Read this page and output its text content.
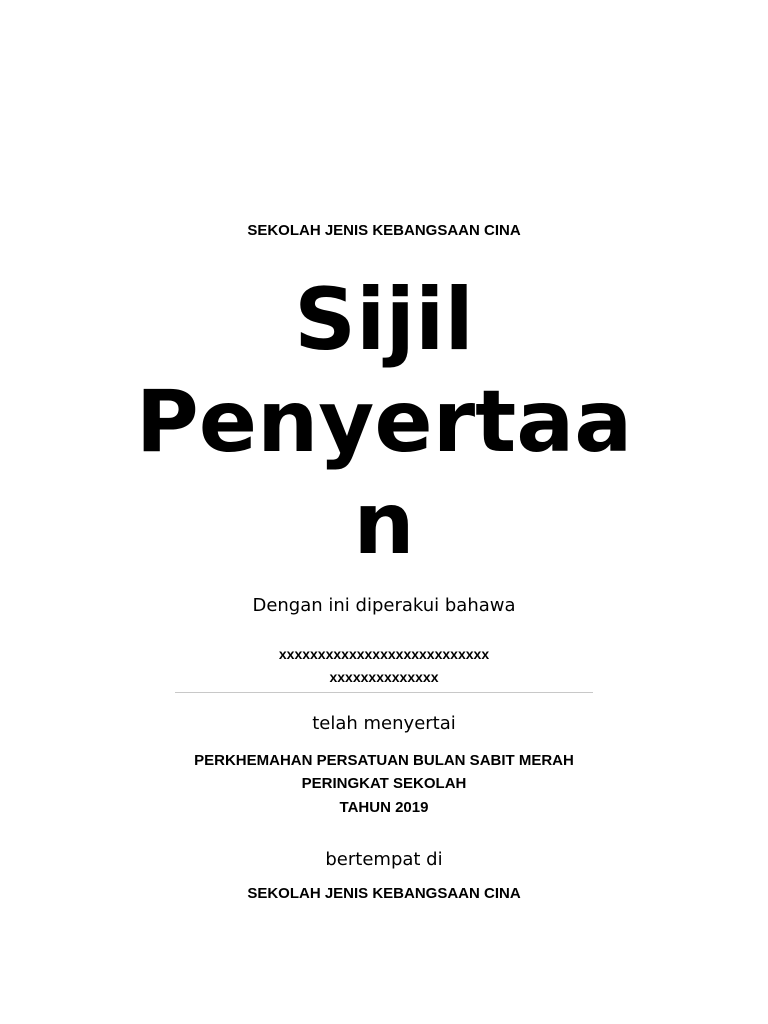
SEKOLAH JENIS KEBANGSAAN CINA
Sijil
Penyertaa
n
Dengan ini diperakui bahawa
xxxxxxxxxxxxxxxxxxxxxxxxxxx
xxxxxxxxxxxxxx
telah menyertai
PERKHEMAHAN PERSATUAN BULAN SABIT MERAH
PERINGKAT SEKOLAH
TAHUN 2019
bertempat di
SEKOLAH JENIS KEBANGSAAN CINA
